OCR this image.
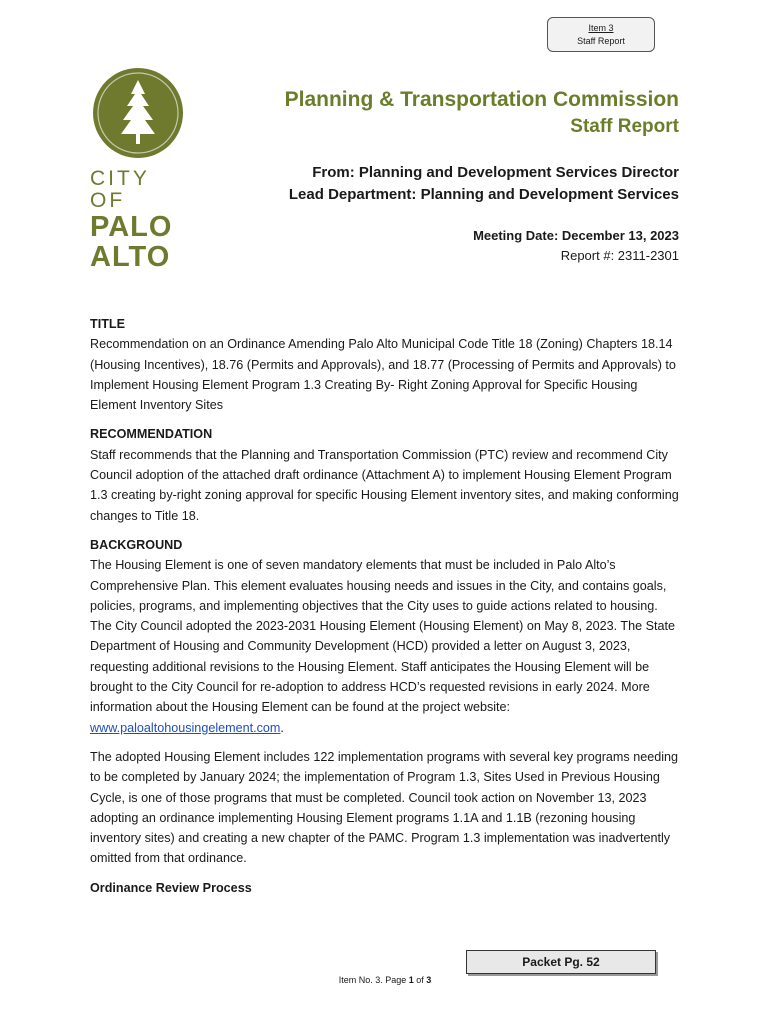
Item 3
Staff Report
CITY OF
PALO
ALTO
Planning & Transportation Commission
Staff Report
From: Planning and Development Services Director
Lead Department: Planning and Development Services
Meeting Date: December 13, 2023
Report #: 2311-2301
TITLE
Recommendation on an Ordinance Amending Palo Alto Municipal Code Title 18 (Zoning) Chapters 18.14 (Housing Incentives), 18.76 (Permits and Approvals), and 18.77 (Processing of Permits and Approvals) to Implement Housing Element Program 1.3 Creating By- Right Zoning Approval for Specific Housing Element Inventory Sites
RECOMMENDATION
Staff recommends that the Planning and Transportation Commission (PTC) review and recommend City Council adoption of the attached draft ordinance (Attachment A) to implement Housing Element Program 1.3 creating by-right zoning approval for specific Housing Element inventory sites, and making conforming changes to Title 18.
BACKGROUND
The Housing Element is one of seven mandatory elements that must be included in Palo Alto’s Comprehensive Plan. This element evaluates housing needs and issues in the City, and contains goals, policies, programs, and implementing objectives that the City uses to guide actions related to housing. The City Council adopted the 2023-2031 Housing Element (Housing Element) on May 8, 2023. The State Department of Housing and Community Development (HCD) provided a letter on August 3, 2023, requesting additional revisions to the Housing Element. Staff anticipates the Housing Element will be brought to the City Council for re-adoption to address HCD’s requested revisions in early 2024. More information about the Housing Element can be found at the project website: www.paloaltohousingelement.com.
The adopted Housing Element includes 122 implementation programs with several key programs needing to be completed by January 2024; the implementation of Program 1.3, Sites Used in Previous Housing Cycle, is one of those programs that must be completed. Council took action on November 13, 2023 adopting an ordinance implementing Housing Element programs 1.1A and 1.1B (rezoning housing inventory sites) and creating a new chapter of the PAMC. Program 1.3 implementation was inadvertently omitted from that ordinance.
Ordinance Review Process
Packet Pg. 52
Item No. 3. Page 1 of 3
